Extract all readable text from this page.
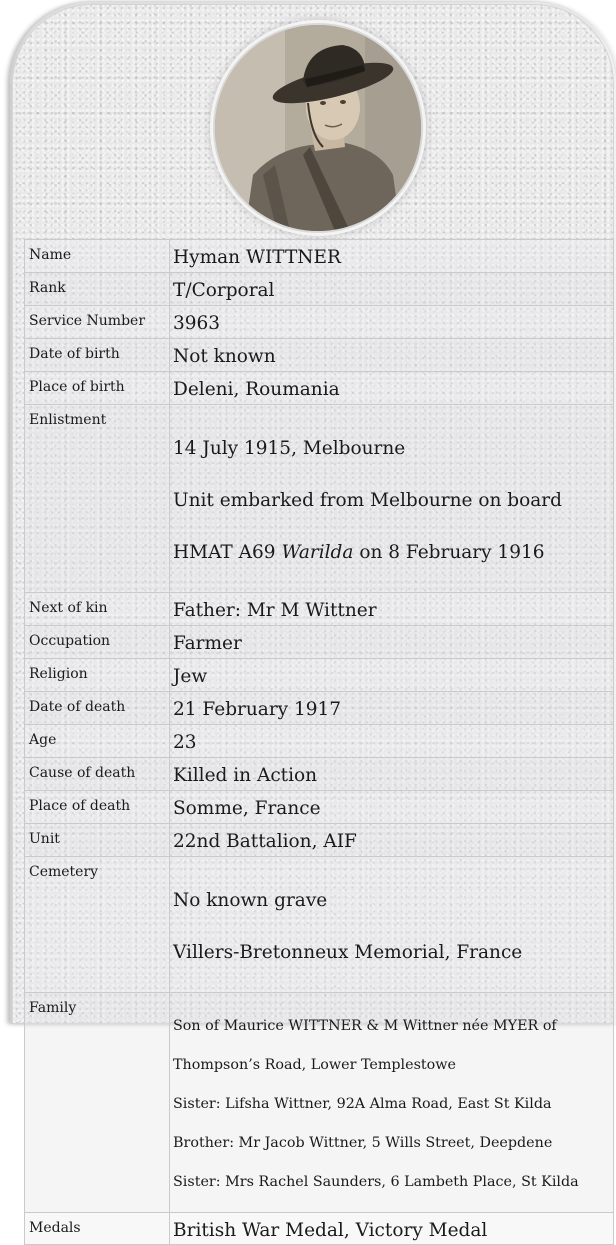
Name	Hyman WITTNER
Rank	T/Corporal
Service Number	3963
Date of birth	Not known
Place of birth	Deleni, Roumania
Enlistment	14 July 1915, Melbourne

Unit embarked from Melbourne on board

HMAT A69 Warilda on 8 February 1916

Next of kin	Father: Mr M Wittner
Occupation	Farmer
Religion	Jew
Date of death	21 February 1917
Age	23
Cause of death	Killed in Action
Place of death	Somme, France
Unit	22nd Battalion, AIF
Cemetery	No known grave

Villers-Bretonneux Memorial, France

Family	Son of Maurice WITTNER & M Wittner née MYER of

Thompson’s Road, Lower Templestowe

Sister: Lifsha Wittner, 92A Alma Road, East St Kilda

Brother: Mr Jacob Wittner, 5 Wills Street, Deepdene

Sister: Mrs Rachel Saunders, 6 Lambeth Place, St Kilda

Medals	British War Medal, Victory Medal
